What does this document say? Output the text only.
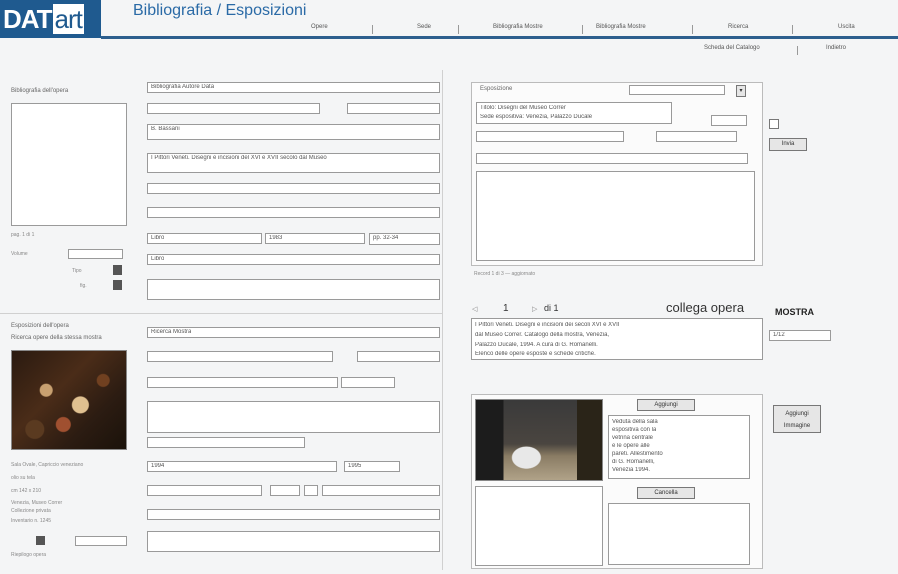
DAT art	Bibliografia / Esposizioni
Opere	Sede	Bibliografia Mostre	Bibliografia Mostre	Ricerca	Uscita
Scheda del Catalogo	Indietro
Bibliografia dell'opera
pag. 1 di 1
Volume
Tipo
fig.
Bibliografia Autore Data
B. Bassani
I Pittori Veneti. Disegni e incisioni del XVI e XVII secolo dal Museo
Libro	1983	pp. 32-34
Libro
Esposizioni dell'opera
Ricerca opere della stessa mostra
Sala Ovale, Capriccio veneziano
olio su tela
cm 142 x 210
Venezia, Museo Correr
Collezione privata
Inventario n. 1245
Riepilogo opera
Ricerca Mostra
1994	1995
Esposizione	▾
Titolo: Disegni del Museo Correr
Sede espositiva: Venezia, Palazzo Ducale
Record 1 di 3 — aggiornato
Invia
◁	1	▷ di 1	collega opera	MOSTRA
1/12
I Pittori Veneti. Disegni e incisioni dei secoli XVI e XVII
dal Museo Correr. Catalogo della mostra, Venezia,
Palazzo Ducale, 1994. A cura di G. Romanelli.
Elenco delle opere esposte e schede critiche.
Aggiungi
Veduta della sala
espositiva con la
vetrina centrale
e le opere alle
pareti. Allestimento
di G. Romanelli,
Venezia 1994.
Cancella
Aggiungi Immagine
